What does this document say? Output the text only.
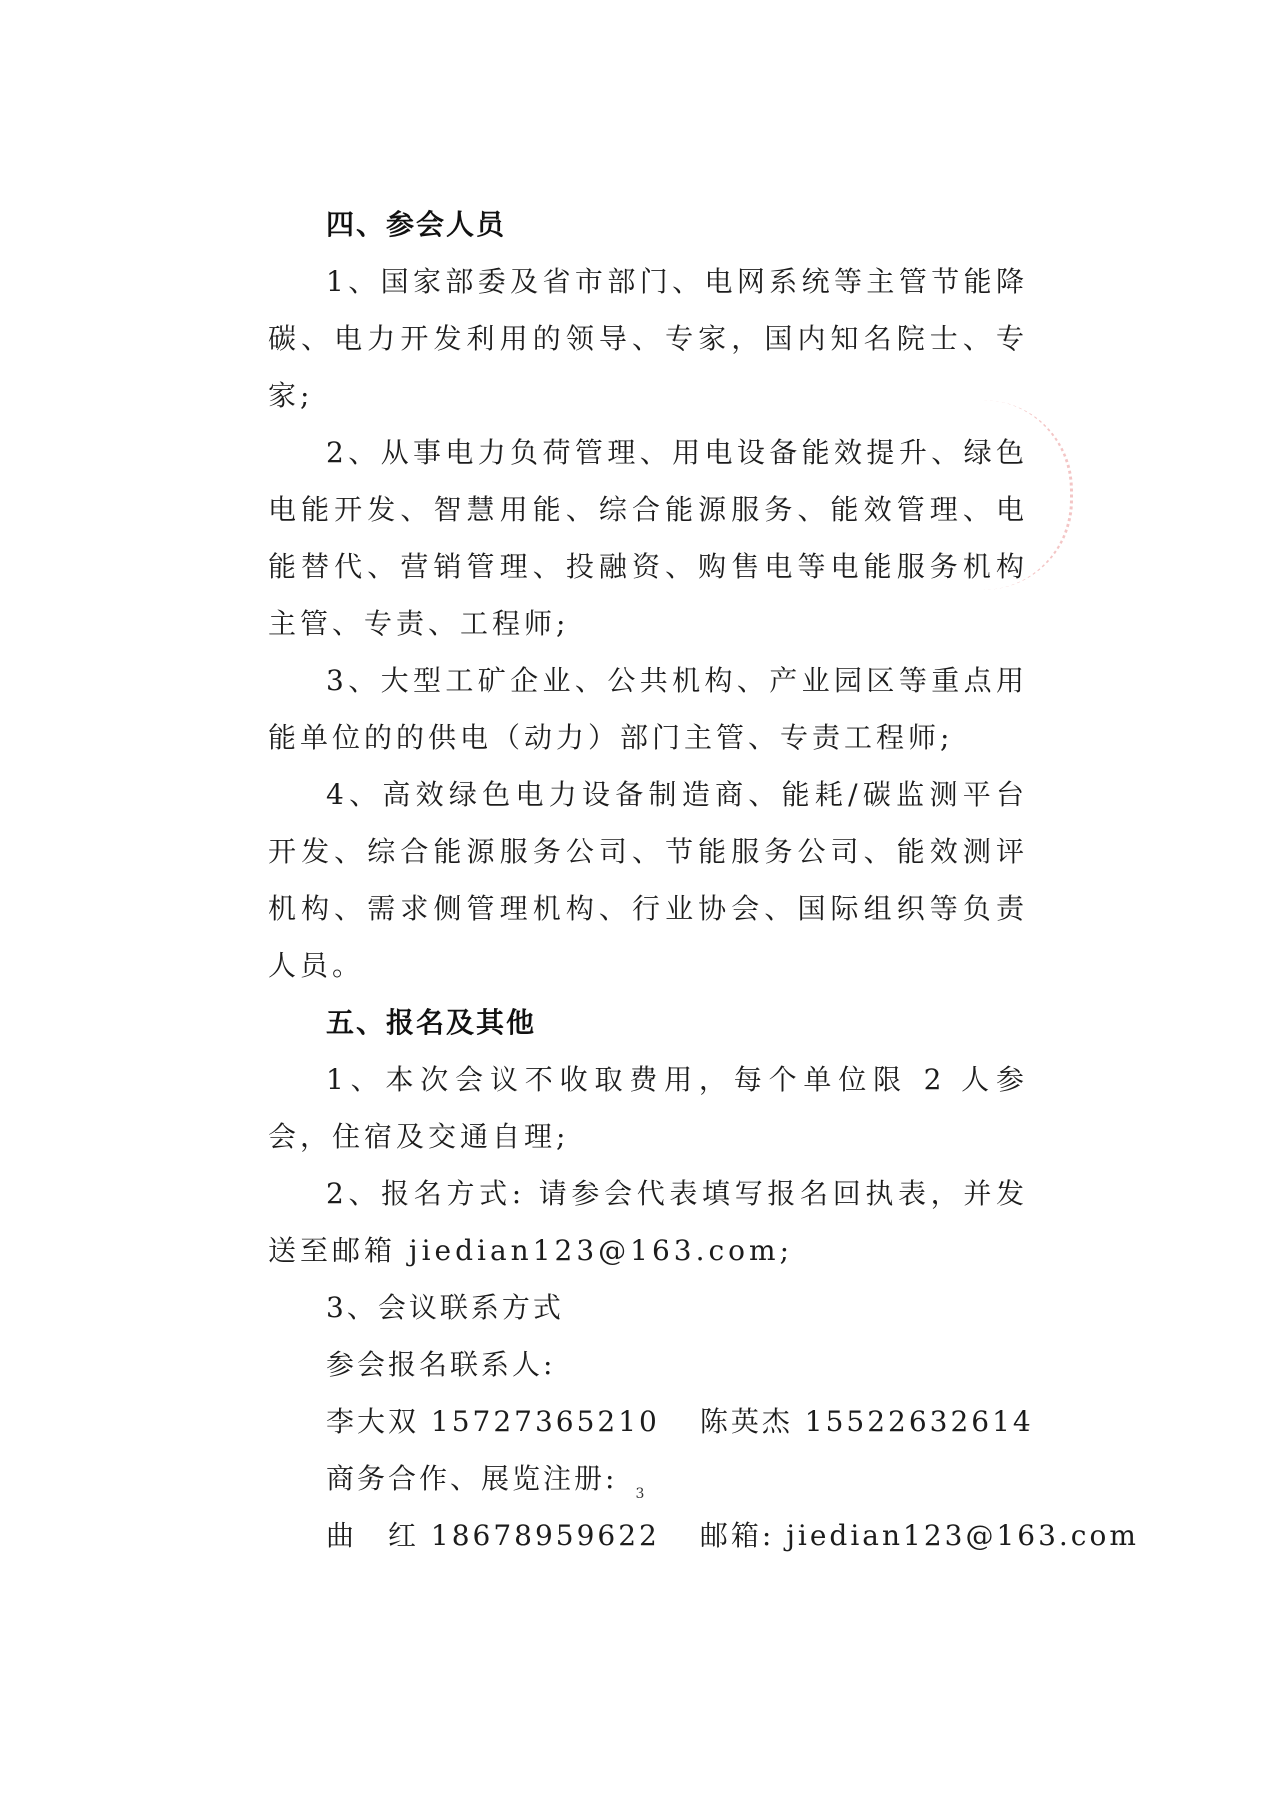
四、参会人员

1、国家部委及省市部门、电网系统等主管节能降碳、电力开发利用的领导、专家，国内知名院士、专家;

2、从事电力负荷管理、用电设备能效提升、绿色电能开发、智慧用能、综合能源服务、能效管理、电能替代、营销管理、投融资、购售电等电能服务机构主管、专责、工程师;

3、大型工矿企业、公共机构、产业园区等重点用能单位的的供电（动力）部门主管、专责工程师;

4、高效绿色电力设备制造商、能耗/碳监测平台开发、综合能源服务公司、节能服务公司、能效测评机构、需求侧管理机构、行业协会、国际组织等负责人员。

五、报名及其他

1、本次会议不收取费用，每个单位限 2 人参会，住宿及交通自理;

2、报名方式: 请参会代表填写报名回执表，并发送至邮箱 jiedian123@163.com;

3、会议联系方式

参会报名联系人:

李大双 15727365210 陈英杰 15522632614

商务合作、展览注册:

曲　红 18678959622 邮箱: jiedian123@163.com

3
